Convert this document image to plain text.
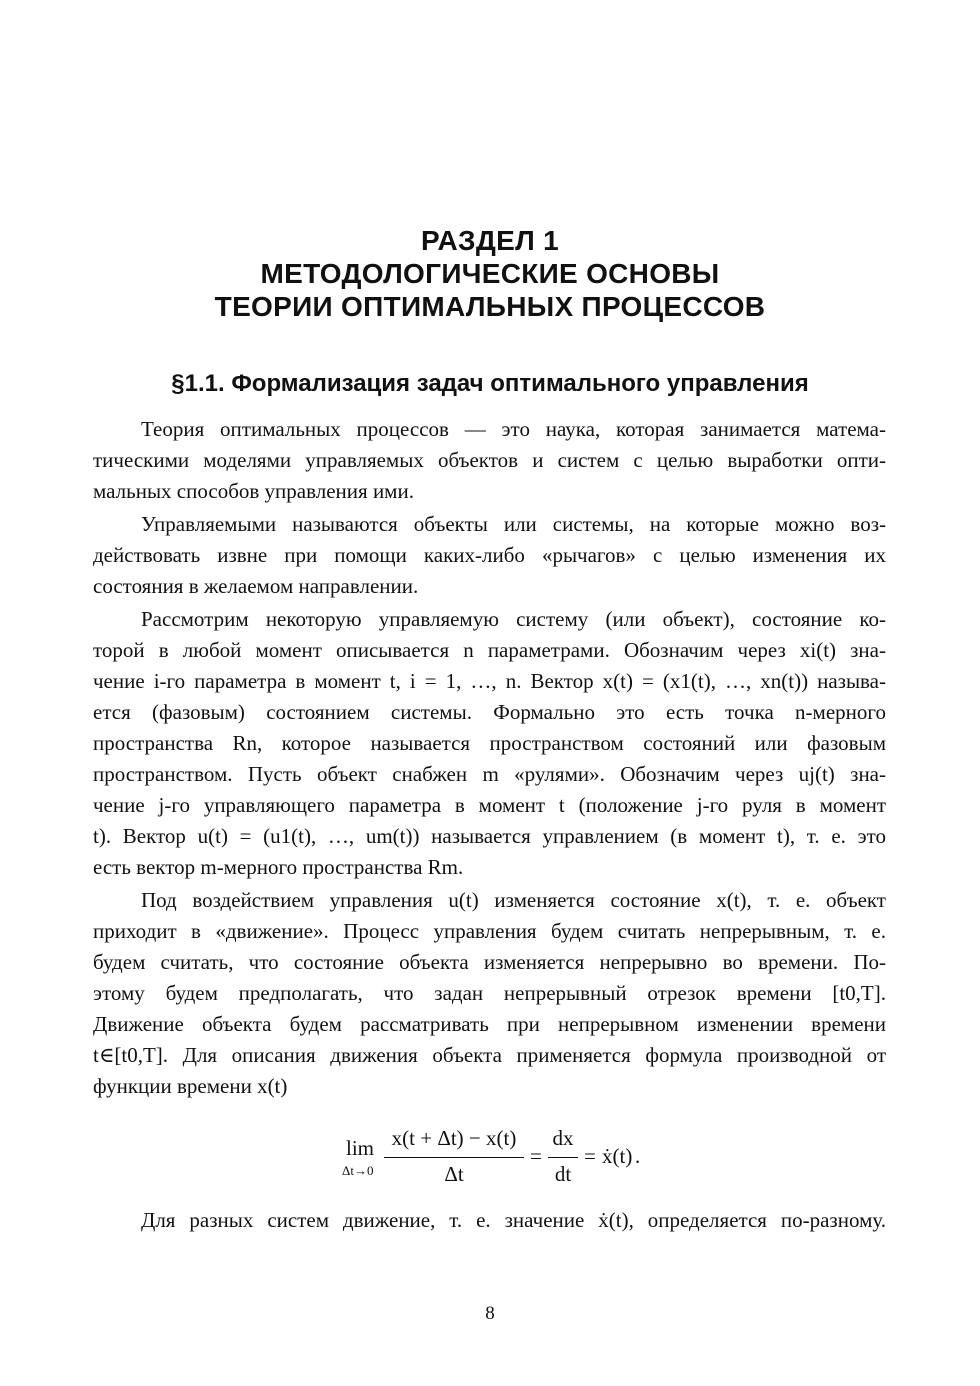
РАЗДЕЛ 1
МЕТОДОЛОГИЧЕСКИЕ ОСНОВЫ
ТЕОРИИ ОПТИМАЛЬНЫХ ПРОЦЕССОВ
§1.1. Формализация задач оптимального управления
Теория оптимальных процессов — это наука, которая занимается матема-
тическими моделями управляемых объектов и систем с целью выработки опти-
мальных способов управления ими.
Управляемыми называются объекты или системы, на которые можно воз-
действовать извне при помощи каких-либо «рычагов» с целью изменения их
состояния в желаемом направлении.
Рассмотрим некоторую управляемую систему (или объект), состояние ко-
торой в любой момент описывается n параметрами. Обозначим через xi(t) зна-
чение i-го параметра в момент t, i = 1, …, n. Вектор x(t) = (x1(t), …, xn(t)) называ-
ется (фазовым) состоянием системы. Формально это есть точка n-мерного
пространства Rn, которое называется пространством состояний или фазовым
пространством. Пусть объект снабжен m «рулями». Обозначим через uj(t) зна-
чение j-го управляющего параметра в момент t (положение j-го руля в момент
t). Вектор u(t) = (u1(t), …, um(t)) называется управлением (в момент t), т. е. это
есть вектор m-мерного пространства Rm.
Под воздействием управления u(t) изменяется состояние x(t), т. е. объект
приходит в «движение». Процесс управления будем считать непрерывным, т. е.
будем считать, что состояние объекта изменяется непрерывно во времени. По-
этому будем предполагать, что задан непрерывный отрезок времени [t0,T].
Движение объекта будем рассматривать при непрерывном изменении времени
t∈[t0,T]. Для описания движения объекта применяется формула производной от
функции времени x(t)
lim
Δt→0
x(t + Δt) − x(t)
Δt
=
dx
dt
= ẋ(t) .
Для разных систем движение, т. е. значение ẋ(t), определяется по-разному.
8
